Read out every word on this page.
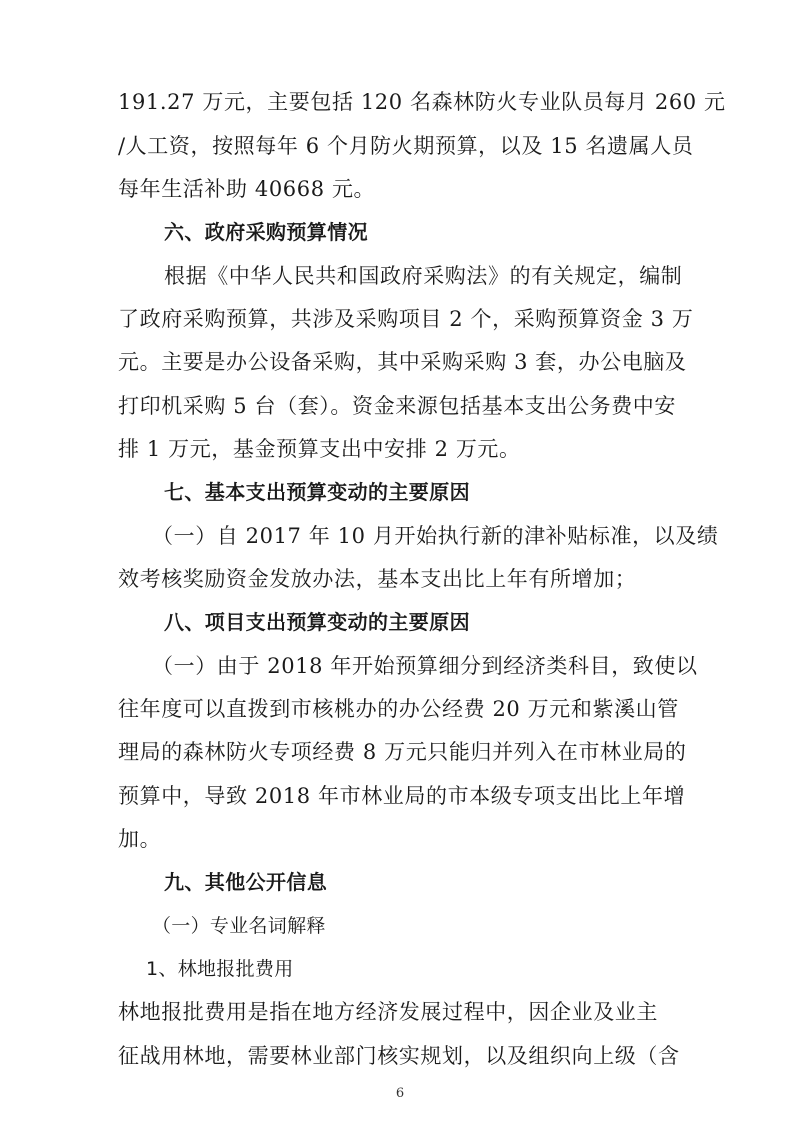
191.27 万元，主要包括 120 名森林防火专业队员每月 260 元
/人工资，按照每年 6 个月防火期预算，以及 15 名遗属人员
每年生活补助 40668 元。
六、政府采购预算情况
根据《中华人民共和国政府采购法》的有关规定，编制
了政府采购预算，共涉及采购项目 2 个，采购预算资金 3 万
元。主要是办公设备采购，其中采购采购 3 套，办公电脑及
打印机采购 5 台（套）。资金来源包括基本支出公务费中安
排 1 万元，基金预算支出中安排 2 万元。
七、基本支出预算变动的主要原因
（一）自 2017 年 10 月开始执行新的津补贴标准，以及绩
效考核奖励资金发放办法，基本支出比上年有所增加；
八、项目支出预算变动的主要原因
（一）由于 2018 年开始预算细分到经济类科目，致使以
往年度可以直拨到市核桃办的办公经费 20 万元和紫溪山管
理局的森林防火专项经费 8 万元只能归并列入在市林业局的
预算中，导致 2018 年市林业局的市本级专项支出比上年增
加。
九、其他公开信息
（一）专业名词解释
1、林地报批费用
林地报批费用是指在地方经济发展过程中，因企业及业主
征战用林地，需要林业部门核实规划，以及组织向上级（含
6
